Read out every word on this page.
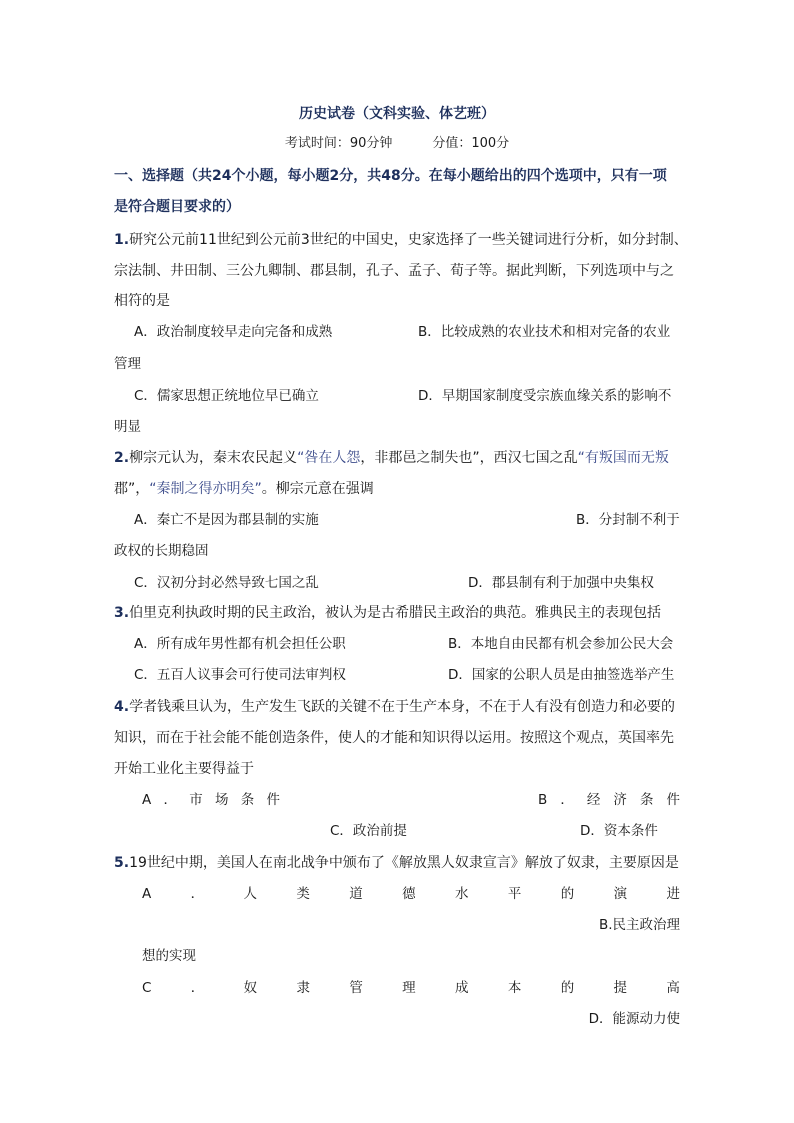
历史试卷（文科实验、体艺班）
考试时间：90分钟	分值：100分
一、选择题（共24个小题，每小题2分，共48分。在每小题给出的四个选项中，只有一项
是符合题目要求的）
1.研究公元前11世纪到公元前3世纪的中国史，史家选择了一些关键词进行分析，如分封制、
宗法制、井田制、三公九卿制、郡县制，孔子、孟子、荀子等。据此判断，下列选项中与之
相符的是
A．政治制度较早走向完备和成熟	B．比较成熟的农业技术和相对完备的农业
管理
C．儒家思想正统地位早已确立	D．早期国家制度受宗族血缘关系的影响不
明显
2.柳宗元认为，秦末农民起义“咎在人怨，非郡邑之制失也”，西汉七国之乱“有叛国而无叛
郡”，“秦制之得亦明矣”。柳宗元意在强调
A．秦亡不是因为郡县制的实施	B．分封制不利于
政权的长期稳固
C．汉初分封必然导致七国之乱	D．郡县制有利于加强中央集权
3.伯里克利执政时期的民主政治，被认为是古希腊民主政治的典范。雅典民主的表现包括
A．所有成年男性都有机会担任公职	B．本地自由民都有机会参加公民大会
C．五百人议事会可行使司法审判权	D．国家的公职人员是由抽签选举产生
4.学者钱乘旦认为，生产发生飞跃的关键不在于生产本身，不在于人有没有创造力和必要的
知识，而在于社会能不能创造条件，使人的才能和知识得以运用。按照这个观点，英国率先
开始工业化主要得益于
A ． 市 场 条 件	B ． 经 济 条 件
C．政治前提	D．资本条件
5.19世纪中期，美国人在南北战争中颁布了《解放黑人奴隶宣言》解放了奴隶，主要原因是
A	．	人	类	道	德	水	平	的	演	进
B.民主政治理
想的实现
C	．	奴	隶	管	理	成	本	的	提	高
D．能源动力使
